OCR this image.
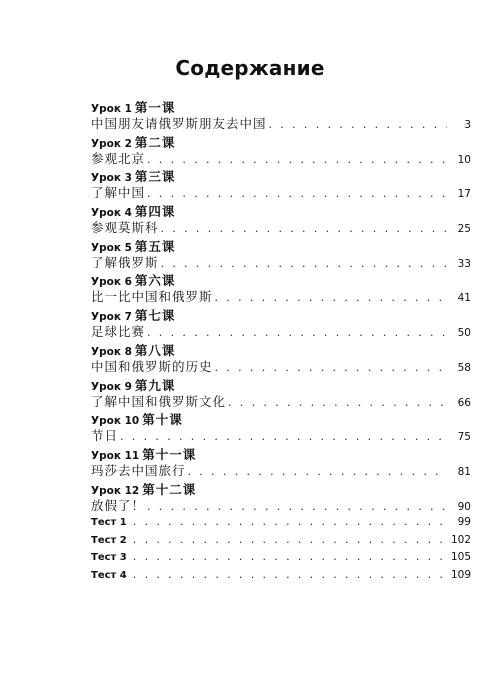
Содержание
Урок 1 第一课
中国朋友请俄罗斯朋友去中国 . . .	3
Урок 2 第二课
参观北京 . . .	10
Урок 3 第三课
了解中国 . . .	17
Урок 4 第四课
参观莫斯科 . . .	25
Урок 5 第五课
了解俄罗斯 . . .	33
Урок 6 第六课
比一比中国和俄罗斯 . . .	41
Урок 7 第七课
足球比赛 . . .	50
Урок 8 第八课
中国和俄罗斯的历史 . . .	58
Урок 9 第九课
了解中国和俄罗斯文化 . . .	66
Урок 10 第十课
节日 . . .	75
Урок 11 第十一课
玛莎去中国旅行 . . .	81
Урок 12 第十二课
放假了！ . . .	90
Тест 1 . . .	99
Тест 2 . . .	102
Тест 3 . . .	105
Тест 4 . . .	109
